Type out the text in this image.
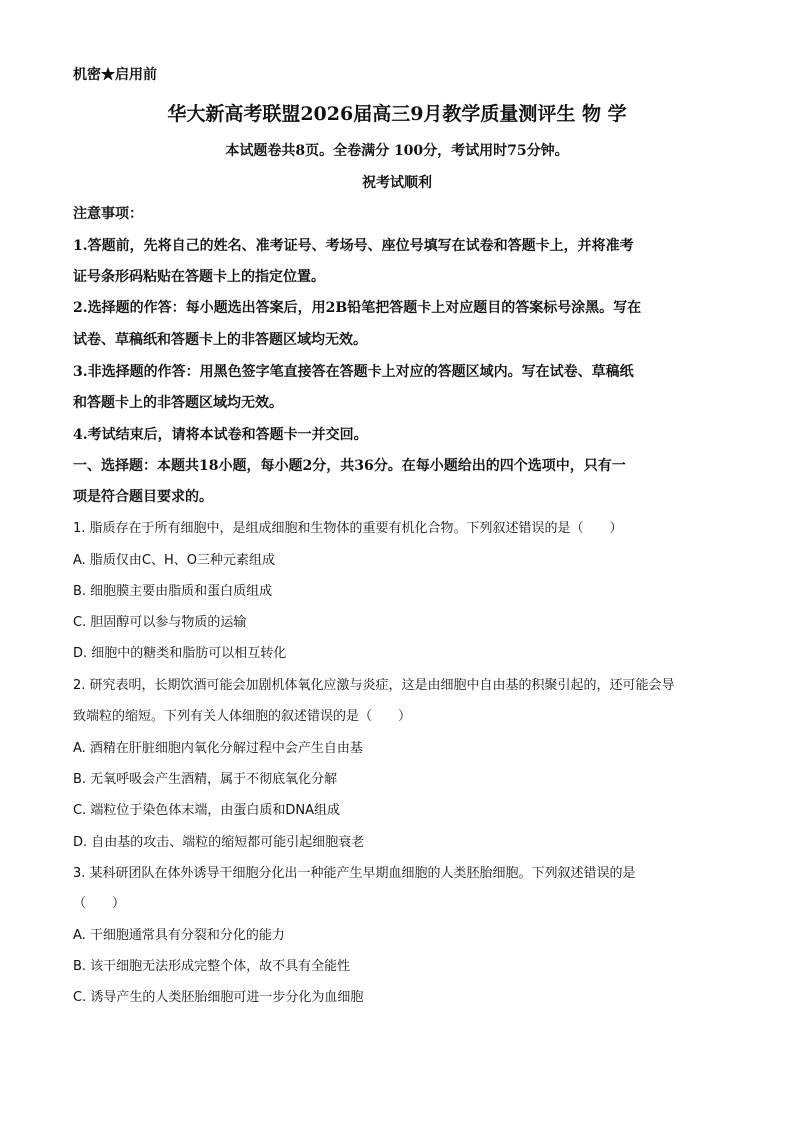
机密★启用前
华大新高考联盟2026届高三9月教学质量测评生 物 学
本试题卷共8页。全卷满分 100分，考试用时75分钟。
祝考试顺利
注意事项：
1.答题前，先将自己的姓名、准考证号、考场号、座位号填写在试卷和答题卡上，并将准考
证号条形码粘贴在答题卡上的指定位置。
2.选择题的作答：每小题选出答案后，用2B铅笔把答题卡上对应题目的答案标号涂黑。写在
试卷、草稿纸和答题卡上的非答题区域均无效。
3.非选择题的作答：用黑色签字笔直接答在答题卡上对应的答题区域内。写在试卷、草稿纸
和答题卡上的非答题区域均无效。
4.考试结束后，请将本试卷和答题卡一并交回。
一、选择题：本题共18小题，每小题2分，共36分。在每小题给出的四个选项中，只有一
项是符合题目要求的。
1. 脂质存在于所有细胞中，是组成细胞和生物体的重要有机化合物。下列叙述错误的是（　　）
A. 脂质仅由C、H、O三种元素组成
B. 细胞膜主要由脂质和蛋白质组成
C. 胆固醇可以参与物质的运输
D. 细胞中的糖类和脂肪可以相互转化
2. 研究表明，长期饮酒可能会加剧机体氧化应激与炎症，这是由细胞中自由基的积聚引起的，还可能会导
致端粒的缩短。下列有关人体细胞的叙述错误的是（　　）
A. 酒精在肝脏细胞内氧化分解过程中会产生自由基
B. 无氧呼吸会产生酒精，属于不彻底氧化分解
C. 端粒位于染色体末端，由蛋白质和DNA组成
D. 自由基的攻击、端粒的缩短都可能引起细胞衰老
3. 某科研团队在体外诱导干细胞分化出一种能产生早期血细胞的人类胚胎细胞。下列叙述错误的是
（　　）
A. 干细胞通常具有分裂和分化的能力
B. 该干细胞无法形成完整个体，故不具有全能性
C. 诱导产生的人类胚胎细胞可进一步分化为血细胞
